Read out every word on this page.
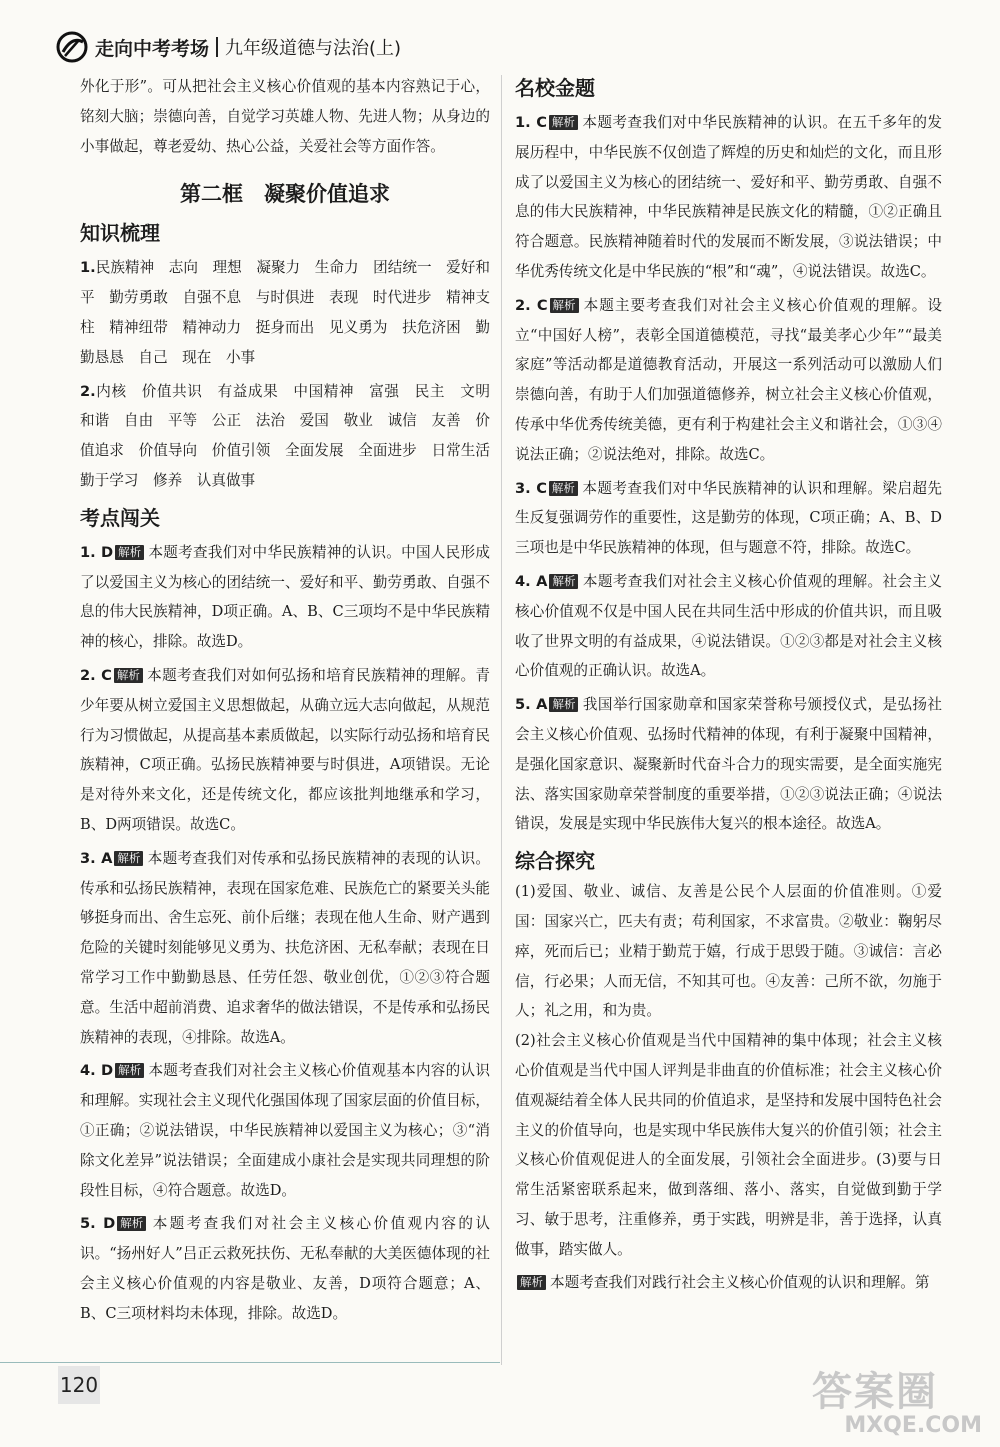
走向中考考场 九年级道德与法治(上)

外化于形”。可从把社会主义核心价值观的基本内容熟记于心，铭刻大脑；崇德向善，自觉学习英雄人物、先进人物；从身边的小事做起，尊老爱幼、热心公益，关爱社会等方面作答。

第二框　凝聚价值追求
知识梳理

1.民族精神　志向　理想　凝聚力　生命力　团结统一　爱好和平　勤劳勇敢　自强不息　与时俱进　表现　时代进步　精神支柱　精神纽带　精神动力　挺身而出　见义勇为　扶危济困　勤勤恳恳　自己　现在　小事

2.内核　价值共识　有益成果　中国精神　富强　民主　文明　和谐　自由　平等　公正　法治　爱国　敬业　诚信　友善　价值追求　价值导向　价值引领　全面发展　全面进步　日常生活　勤于学习　修养　认真做事

考点闯关

1. D 解析 本题考查我们对中华民族精神的认识。中国人民形成了以爱国主义为核心的团结统一、爱好和平、勤劳勇敢、自强不息的伟大民族精神，D项正确。A、B、C三项均不是中华民族精神的核心，排除。故选D。

2. C 解析 本题考查我们对如何弘扬和培育民族精神的理解。青少年要从树立爱国主义思想做起，从确立远大志向做起，从规范行为习惯做起，从提高基本素质做起，以实际行动弘扬和培育民族精神，C项正确。弘扬民族精神要与时俱进，A项错误。无论是对待外来文化，还是传统文化，都应该批判地继承和学习，B、D两项错误。故选C。

3. A 解析 本题考查我们对传承和弘扬民族精神的表现的认识。传承和弘扬民族精神，表现在国家危难、民族危亡的紧要关头能够挺身而出、舍生忘死、前仆后继；表现在他人生命、财产遇到危险的关键时刻能够见义勇为、扶危济困、无私奉献；表现在日常学习工作中勤勤恳恳、任劳任怨、敬业创优，①②③符合题意。生活中超前消费、追求奢华的做法错误，不是传承和弘扬民族精神的表现，④排除。故选A。

4. D 解析 本题考查我们对社会主义核心价值观基本内容的认识和理解。实现社会主义现代化强国体现了国家层面的价值目标，①正确；②说法错误，中华民族精神以爱国主义为核心；③“消除文化差异”说法错误；全面建成小康社会是实现共同理想的阶段性目标，④符合题意。故选D。

5. D 解析 本题考查我们对社会主义核心价值观内容的认识。“扬州好人”吕正云救死扶伤、无私奉献的大美医德体现的社会主义核心价值观的内容是敬业、友善，D项符合题意；A、B、C三项材料均未体现，排除。故选D。

名校金题

1. C 解析 本题考查我们对中华民族精神的认识。在五千多年的发展历程中，中华民族不仅创造了辉煌的历史和灿烂的文化，而且形成了以爱国主义为核心的团结统一、爱好和平、勤劳勇敢、自强不息的伟大民族精神，中华民族精神是民族文化的精髓，①②正确且符合题意。民族精神随着时代的发展而不断发展，③说法错误；中华优秀传统文化是中华民族的“根”和“魂”，④说法错误。故选C。

2. C 解析 本题主要考查我们对社会主义核心价值观的理解。设立“中国好人榜”，表彰全国道德模范，寻找“最美孝心少年”“最美家庭”等活动都是道德教育活动，开展这一系列活动可以激励人们崇德向善，有助于人们加强道德修养，树立社会主义核心价值观，传承中华优秀传统美德，更有利于构建社会主义和谐社会，①③④说法正确；②说法绝对，排除。故选C。

3. C 解析 本题考查我们对中华民族精神的认识和理解。梁启超先生反复强调劳作的重要性，这是勤劳的体现，C项正确；A、B、D三项也是中华民族精神的体现，但与题意不符，排除。故选C。

4. A 解析 本题考查我们对社会主义核心价值观的理解。社会主义核心价值观不仅是中国人民在共同生活中形成的价值共识，而且吸收了世界文明的有益成果，④说法错误。①②③都是对社会主义核心价值观的正确认识。故选A。

5. A 解析 我国举行国家勋章和国家荣誉称号颁授仪式，是弘扬社会主义核心价值观、弘扬时代精神的体现，有利于凝聚中国精神，是强化国家意识、凝聚新时代奋斗合力的现实需要，是全面实施宪法、落实国家勋章荣誉制度的重要举措，①②③说法正确；④说法错误，发展是实现中华民族伟大复兴的根本途径。故选A。

综合探究

(1)爱国、敬业、诚信、友善是公民个人层面的价值准则。①爱国：国家兴亡，匹夫有责；苟利国家，不求富贵。②敬业：鞠躬尽瘁，死而后已；业精于勤荒于嬉，行成于思毁于随。③诚信：言必信，行必果；人而无信，不知其可也。④友善：己所不欲，勿施于人；礼之用，和为贵。

(2)社会主义核心价值观是当代中国精神的集中体现；社会主义核心价值观是当代中国人评判是非曲直的价值标准；社会主义核心价值观凝结着全体人民共同的价值追求，是坚持和发展中国特色社会主义的价值导向，也是实现中华民族伟大复兴的价值引领；社会主义核心价值观促进人的全面发展，引领社会全面进步。(3)要与日常生活紧密联系起来，做到落细、落小、落实，自觉做到勤于学习、敏于思考，注重修养，勇于实践，明辨是非，善于选择，认真做事，踏实做人。

解析 本题考查我们对践行社会主义核心价值观的认识和理解。第

120	答案圈
MXQE.COM
